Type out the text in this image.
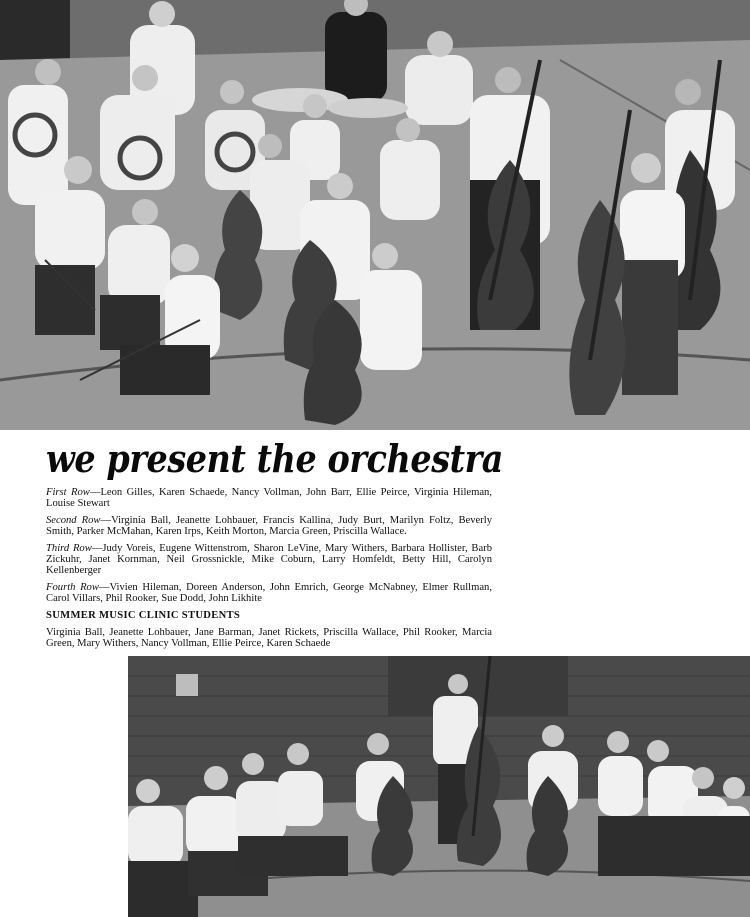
we present the orchestra

First Row—Leon Gilles, Karen Schaede, Nancy Vollman, John Barr, Ellie Peirce, Virginia Hileman, Louise Stewart

Second Row—Virginia Ball, Jeanette Lohbauer, Francis Kallina, Judy Burt, Marilyn Foltz, Beverly Smith, Parker McMahan, Karen Irps, Keith Morton, Marcia Green, Priscilla Wallace.

Third Row—Judy Voreis, Eugene Wittenstrom, Sharon LeVine, Mary Withers, Barbara Hollister, Barb Zickuhr, Janet Kornman, Neil Grossnickle, Mike Coburn, Larry Homfeldt, Betty Hill, Carolyn Kellenberger

Fourth Row—Vivien Hileman, Doreen Anderson, John Emrich, George McNabney, Elmer Rullman, Carol Villars, Phil Rooker, Sue Dodd, John Likhite

SUMMER MUSIC CLINIC STUDENTS

Virginia Ball, Jeanette Lohbauer, Jane Barman, Janet Rickets, Priscilla Wallace, Phil Rooker, Marcia Green, Mary Withers, Nancy Vollman, Ellie Peirce, Karen Schaede
